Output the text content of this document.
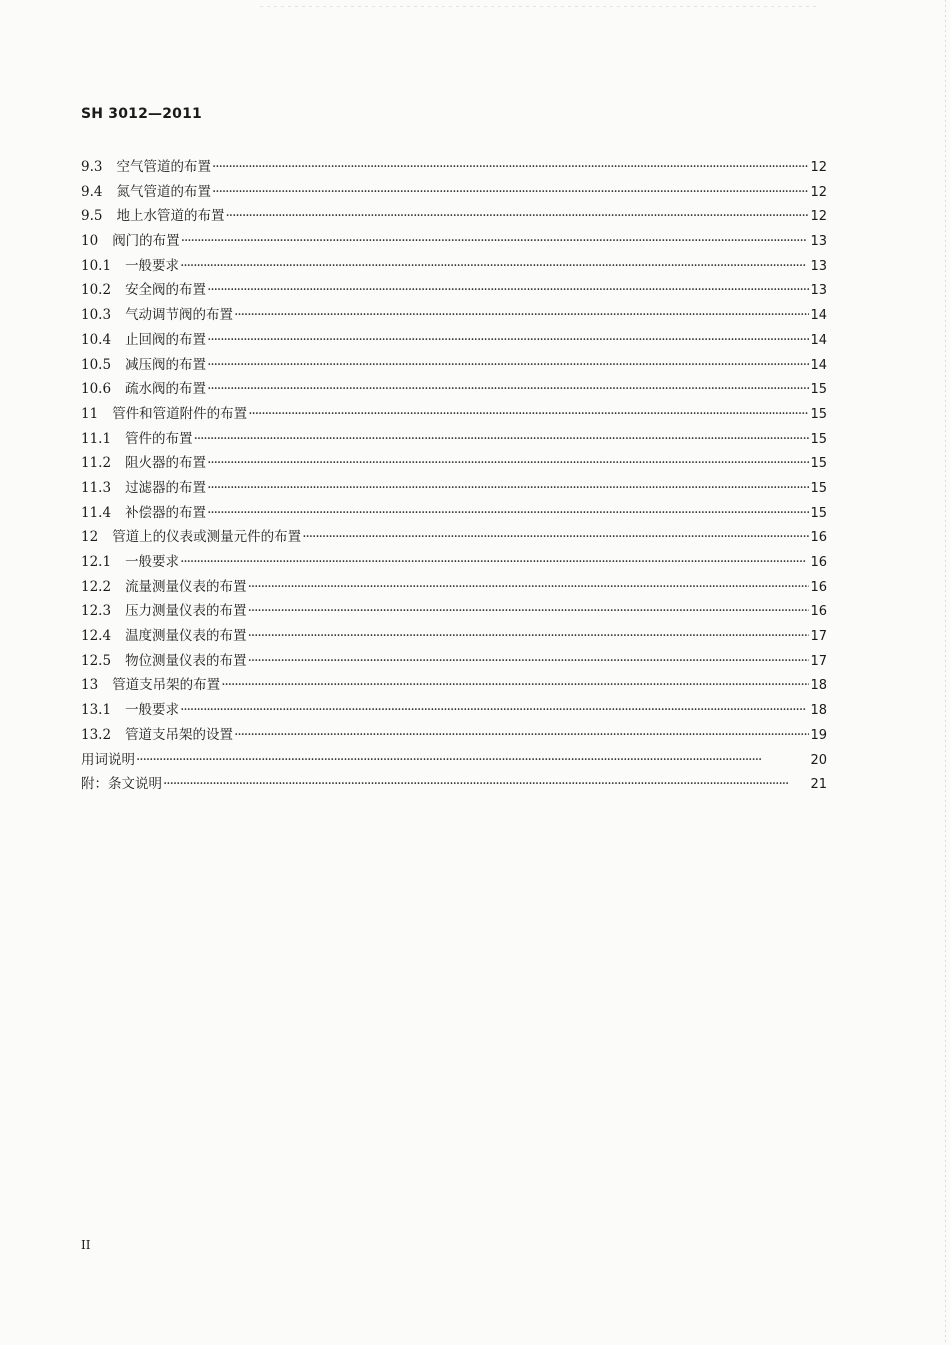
SH 3012—2011
9.3 空气管道的布置 ·····	12
9.4 氮气管道的布置 ·····	12
9.5 地上水管道的布置 ·····	12
10 阀门的布置 ·····	13
10.1 一般要求 ·····	13
10.2 安全阀的布置 ·····	13
10.3 气动调节阀的布置 ·····	14
10.4 止回阀的布置 ·····	14
10.5 减压阀的布置 ·····	14
10.6 疏水阀的布置 ·····	15
11 管件和管道附件的布置 ·····	15
11.1 管件的布置 ·····	15
11.2 阻火器的布置 ·····	15
11.3 过滤器的布置 ·····	15
11.4 补偿器的布置 ·····	15
12 管道上的仪表或测量元件的布置 ·····	16
12.1 一般要求 ·····	16
12.2 流量测量仪表的布置 ·····	16
12.3 压力测量仪表的布置 ·····	16
12.4 温度测量仪表的布置 ·····	17
12.5 物位测量仪表的布置 ·····	17
13 管道支吊架的布置 ·····	18
13.1 一般要求 ·····	18
13.2 管道支吊架的设置 ·····	19
用词说明 ·····	20
附：条文说明 ·····	21
II
